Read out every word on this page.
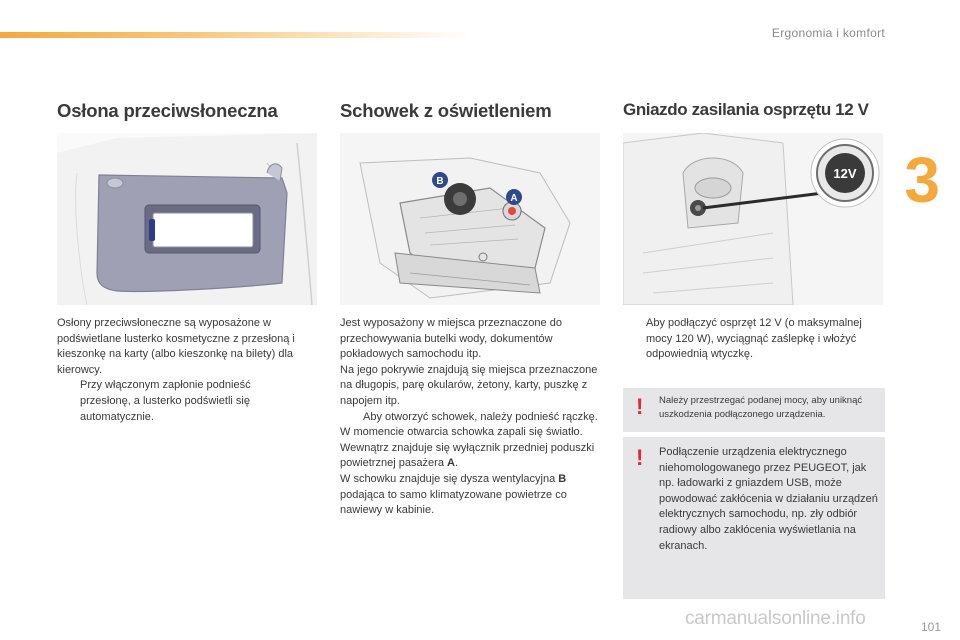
Ergonomia i komfort
3
Osłona przeciwsłoneczna

Osłony przeciwsłoneczne są wyposażone w podświetlane lusterko kosmetyczne z przesłoną i kieszonkę na karty (albo kieszonkę na bilety) dla kierowcy.

Przy włączonym zapłonie podnieść przesłonę, a lusterko podświetli się automatycznie.
Schowek z oświetleniem
B
A

Jest wyposażony w miejsca przeznaczone do przechowywania butelki wody, dokumentów pokładowych samochodu itp.

Na jego pokrywie znajdują się miejsca przeznaczone na długopis, parę okularów, żetony, karty, puszkę z napojem itp.

Aby otworzyć schowek, należy podnieść rączkę.

W momencie otwarcia schowka zapali się światło.

Wewnątrz znajduje się wyłącznik przedniej poduszki powietrznej pasażera A.

W schowku znajduje się dysza wentylacyjna B podająca to samo klimatyzowane powietrze co nawiewy w kabinie.

Gniazdo zasilania osprzętu 12 V
12V
Aby podłączyć osprzęt 12 V (o maksymalnej mocy 120 W), wyciągnąć zaślepkę i włożyć odpowiednią wtyczkę.
! Należy przestrzegać podanej mocy, aby uniknąć uszkodzenia podłączonego urządzenia.
! Podłączenie urządzenia elektrycznego niehomologowanego przez PEUGEOT, jak np. ładowarki z gniazdem USB, może powodować zakłócenia w działaniu urządzeń elektrycznych samochodu, np. zły odbiór radiowy albo zakłócenia wyświetlania na ekranach.
101
carmanualsonline.info
